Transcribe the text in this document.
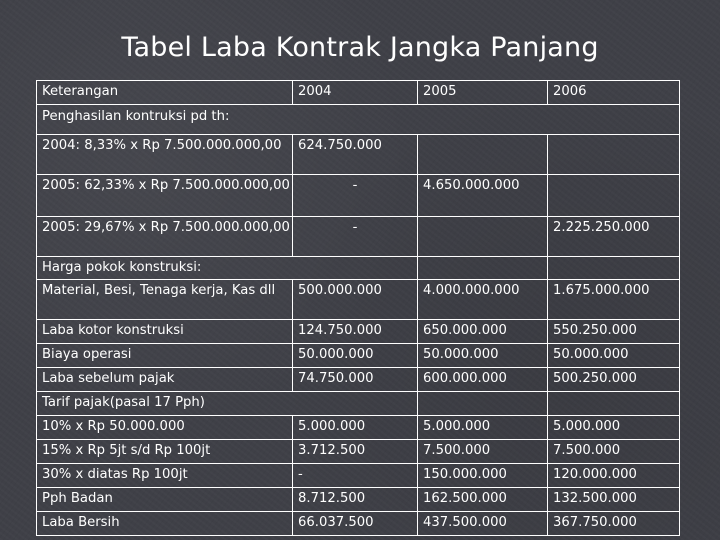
Tabel Laba Kontrak Jangka Panjang
Keterangan	2004	2005	2006
Penghasilan kontruksi pd th:			
2004: 8,33% x Rp 7.500.000.000,00	624.750.000		
2005: 62,33% x Rp 7.500.000.000,00	-	4.650.000.000	
2005: 29,67% x Rp 7.500.000.000,00	-		2.225.250.000
Harga pokok konstruksi:			
Material, Besi, Tenaga kerja, Kas dll	500.000.000	4.000.000.000	1.675.000.000
Laba kotor konstruksi	124.750.000	650.000.000	550.250.000
Biaya operasi	50.000.000	50.000.000	50.000.000
Laba sebelum pajak	74.750.000	600.000.000	500.250.000
Tarif pajak(pasal 17 Pph)			
10% x Rp 50.000.000	5.000.000	5.000.000	5.000.000
15% x Rp 5jt s/d Rp 100jt	3.712.500	7.500.000	7.500.000
30% x diatas Rp 100jt	-	150.000.000	120.000.000
Pph Badan	8.712.500	162.500.000	132.500.000
Laba Bersih	66.037.500	437.500.000	367.750.000
